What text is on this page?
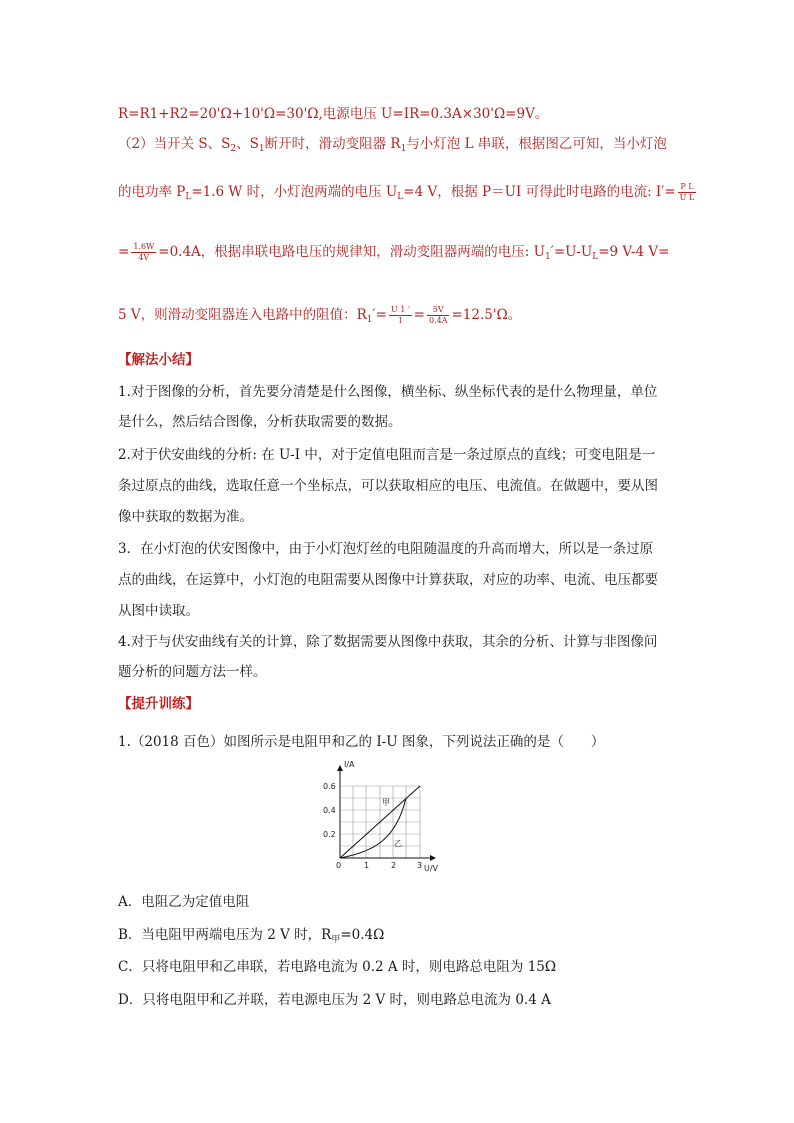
R=R1+R2=20'Ω+10'Ω=30'Ω,电源电压 U=IR=0.3A×30'Ω=9V。
（2）当开关 S、$S_2$、$S_1$断开时，滑动变阻器 $R_1$与小灯泡 L 串联，根据图乙可知，当小灯泡
的电功率 $P_L=1.6$ W 时，小灯泡两端的电压 $U_L=4$ V，根据 P＝UI 可得此时电路的电流: $I'= \frac{\text{P L}}{\text{U L}}$
= $\frac{1.6W}{4V} =0.4A$，根据串联电路电压的规律知，滑动变阻器两端的电压: $U_1'=U-U_L=9$ V-4 V=
5 V，则滑动变阻器连入电路中的阻值：$R_1'= \frac{U 1 '}{I} = \frac{5V}{0.4A} =12.5'\Omega$。
【解法小结】
1.对于图像的分析，首先要分清楚是什么图像，横坐标、纵坐标代表的是什么物理量，单位
是什么，然后结合图像，分析获取需要的数据。
2.对于伏安曲线的分析: 在 U-I 中，对于定值电阻而言是一条过原点的直线；可变电阻是一
条过原点的曲线，选取任意一个坐标点，可以获取相应的电压、电流值。在做题中，要从图
像中获取的数据为准。
3．在小灯泡的伏安图像中，由于小灯泡灯丝的电阻随温度的升高而增大，所以是一条过原
点的曲线，在运算中，小灯泡的电阻需要从图像中计算获取，对应的功率、电流、电压都要
从图中读取。
4.对于与伏安曲线有关的计算，除了数据需要从图像中获取，其余的分析、计算与非图像问
题分析的问题方法一样。
【提升训练】
1.（2018 百色）如图所示是电阻甲和乙的 I-U 图象，下列说法正确的是（　　）
I/A
U/V
0
0.2
0.4
0.6
1	2	3
甲
乙
A．电阻乙为定值电阻
B．当电阻甲两端电压为 2 V 时，$R_甲=0.4\Omega$
C．只将电阻甲和乙串联，若电路电流为 0.2 A 时，则电路总电阻为 15Ω
D．只将电阻甲和乙并联，若电源电压为 2 V 时，则电路总电流为 0.4 A
